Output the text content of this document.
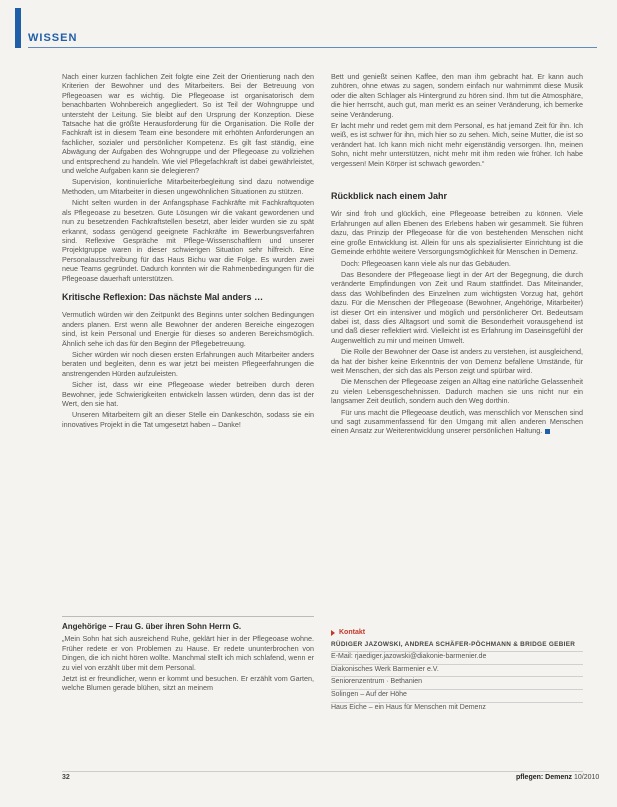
WISSEN

Nach einer kurzen fachlichen Zeit folgte eine Zeit der Orientierung nach den Kriterien der Bewohner und des Mitarbeiters. Bei der Betreuung von Pflegeoasen war es wichtig. Die Pflegeoase ist organisatorisch dem benachbarten Wohnbereich angegliedert. So ist Teil der Wohngruppe und untersteht der Leitung. Sie bleibt auf den Ursprung der Konzeption. Diese Tatsache hat die größte Herausforderung für die Organisation. Die Rolle der Fachkraft ist in diesem Team eine besondere mit erhöhten Anforderungen an fachlicher, sozialer und persönlicher Kompetenz. Es gilt fast ständig, eine Abwägung der Aufgaben des Wohngruppe und der Pflegeoase zu vollziehen und entsprechend zu handeln. Wie viel Pflegefachkraft ist dabei gewährleistet, und welche Aufgaben kann sie delegieren?

Supervision, kontinuierliche Mitarbeiterbegleitung sind dazu notwendige Methoden, um Mitarbeiter in diesen ungewöhnlichen Situationen zu stützen.

Nicht selten wurden in der Anfangsphase Fachkräfte mit Fachkraftquoten als Pflegeoase zu besetzen. Gute Lösungen wir die vakant gewordenen und nun zu besetzenden Fachkraftstellen besetzt, aber leider wurden sie zu spät erkannt, sodass genügend geeignete Fachkräfte im Bewerbungsverfahren sind. Reflexive Gespräche mit Pflege-Wissenschaftlern und unserer Projektgruppe waren in dieser schwierigen Situation sehr hilfreich. Eine Personalausschreibung für das Haus Bichu war die Folge. Es wurden zwei neue Teams gegründet. Dadurch konnten wir die Rahmenbedingungen für die Pflegeoase dauerhaft unterstützen.

Kritische Reflexion: Das nächste Mal anders …

Vermutlich würden wir den Zeitpunkt des Beginns unter solchen Bedingungen anders planen. Erst wenn alle Bewohner der anderen Bereiche eingezogen sind, ist kein Personal und Energie für dieses so anderen Bereichsmöglich. Ähnlich sehe ich das für den Beginn der Pflegebetreuung.

Sicher würden wir noch diesen ersten Erfahrungen auch Mitarbeiter anders beraten und begleiten, denn es war jetzt bei meisten Pflegeerfahrungen die anstrengenden Hürden aufzuleisten.

Sicher ist, dass wir eine Pflegeoase wieder betreiben durch deren Bewohner, jede Schwierigkeiten entwickeln lassen würden, denn das ist der Wert, den sie hat.

Unseren Mitarbeitern gilt an dieser Stelle ein Dankeschön, sodass sie ein innovatives Projekt in die Tat umgesetzt haben – Danke!

Angehörige – Frau G. über ihren Sohn Herrn G.

„Mein Sohn hat sich ausreichend Ruhe, geklärt hier in der Pflegeoase wohne. Früher redete er von Problemen zu Hause. Er redete ununterbrochen von Dingen, die ich nicht hören wollte. Manchmal stellt ich mich schlafend, wenn er zu viel von erzählt über mit dem Personal.

Jetzt ist er freundlicher, wenn er kommt und besuchen. Er erzählt vom Garten, welche Blumen gerade blühen, sitzt an meinem

Bett und genießt seinen Kaffee, den man ihm gebracht hat. Er kann auch zuhören, ohne etwas zu sagen, sondern einfach nur wahrnimmt diese Musik oder die alten Schlager als Hintergrund zu hören sind. Ihm tut die Atmosphäre, die hier herrscht, auch gut, man merkt es an seiner Veränderung, ich bemerke seine Veränderung.

Er lacht mehr und redet gern mit dem Personal, es hat jemand Zeit für ihn. Ich weiß, es ist schwer für ihn, mich hier so zu sehen. Mich, seine Mutter, die ist so verändert hat. Ich kann mich nicht mehr eigenständig versorgen. Ihn, meinen Sohn, nicht mehr unterstützen, nicht mehr mit ihm reden wie früher. Ich habe vergessen! Mein Körper ist schwach geworden.“

Rückblick nach einem Jahr

Wir sind froh und glücklich, eine Pflegeoase betreiben zu können. Viele Erfahrungen auf allen Ebenen des Erlebens haben wir gesammelt. Sie führen dazu, das Prinzip der Pflegeoase für die von bestehenden Menschen nicht eine große Entwicklung ist. Allein für uns als spezialisierter Einrichtung ist die Gemeinde erhöhte weitere Versorgungsmöglichkeit für Menschen in Demenz.

Doch: Pflegeoasen kann viele als nur das Gebäuden.

Das Besondere der Pflegeoase liegt in der Art der Begegnung, die durch veränderte Empfindungen von Zeit und Raum stattfindet. Das Miteinander, dass das Wohlbefinden des Einzelnen zum wichtigsten Vorzug hat, gehört dazu. Für die Menschen der Pflegeoase (Bewohner, Angehörige, Mitarbeiter) ist dieser Ort ein intensiver und möglich und persönlicherer Ort. Bedeutsam dabei ist, dass dies Alltagsort und somit die Besonderheit vorausgehend ist und daß dieser reflektiert wird. Vielleicht ist es Erfahrung im Daseinsgefühl der Augenweltlich zu mir und meinen Umwelt.

Die Rolle der Bewohner der Oase ist anders zu verstehen, ist ausgleichend, da hat der bisher keine Erkenntnis der von Demenz befallene Umstände, für weit Menschen, der sich das als Person zeigt und spürbar wird.

Die Menschen der Pflegeoase zeigen an Alltag eine natürliche Gelassenheit zu vielen Lebensgeschehnissen. Dadurch machen sie uns nicht nur ein langsamer Zeit deutlich, sondern auch den Weg dorthin.

Für uns macht die Pflegeoase deutlich, was menschlich vor Menschen sind und sagt zusammenfassend für den Umgang mit allen anderen Menschen einen Ansatz zur Weiterentwicklung unserer persönlichen Haltung.

Kontakt
RÜDIGER JAZOWSKI, ANDREA SCHÄFER-PÖCHMANN & BRIDGE GEBIER
E-Mail: rjaediger.jazowski@diakonie-barmenier.de
Diakonisches Werk Barmenier e.V.
Seniorenzentrum · Bethanien
Solingen – Auf der Höhe
Haus Eiche – ein Haus für Menschen mit Demenz
32	pflegen: Demenz 10/2010
